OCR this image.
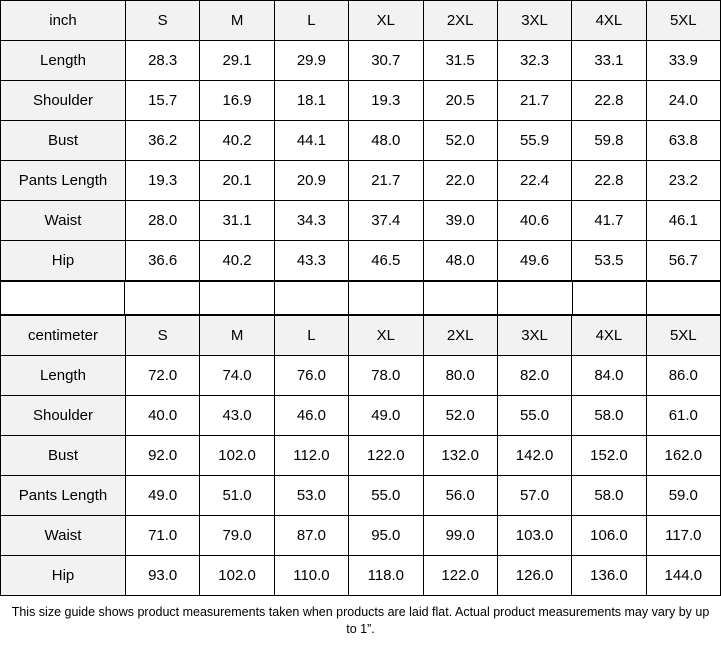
inch	S	M	L	XL	2XL	3XL	4XL	5XL
Length	28.3	29.1	29.9	30.7	31.5	32.3	33.1	33.9
Shoulder	15.7	16.9	18.1	19.3	20.5	21.7	22.8	24.0
Bust	36.2	40.2	44.1	48.0	52.0	55.9	59.8	63.8
Pants Length	19.3	20.1	20.9	21.7	22.0	22.4	22.8	23.2
Waist	28.0	31.1	34.3	37.4	39.0	40.6	41.7	46.1
Hip	36.6	40.2	43.3	46.5	48.0	49.6	53.5	56.7
centimeter	S	M	L	XL	2XL	3XL	4XL	5XL
Length	72.0	74.0	76.0	78.0	80.0	82.0	84.0	86.0
Shoulder	40.0	43.0	46.0	49.0	52.0	55.0	58.0	61.0
Bust	92.0	102.0	112.0	122.0	132.0	142.0	152.0	162.0
Pants Length	49.0	51.0	53.0	55.0	56.0	57.0	58.0	59.0
Waist	71.0	79.0	87.0	95.0	99.0	103.0	106.0	117.0
Hip	93.0	102.0	110.0	118.0	122.0	126.0	136.0	144.0
This size guide shows product measurements taken when products are laid flat. Actual product measurements may vary by up to 1”.
